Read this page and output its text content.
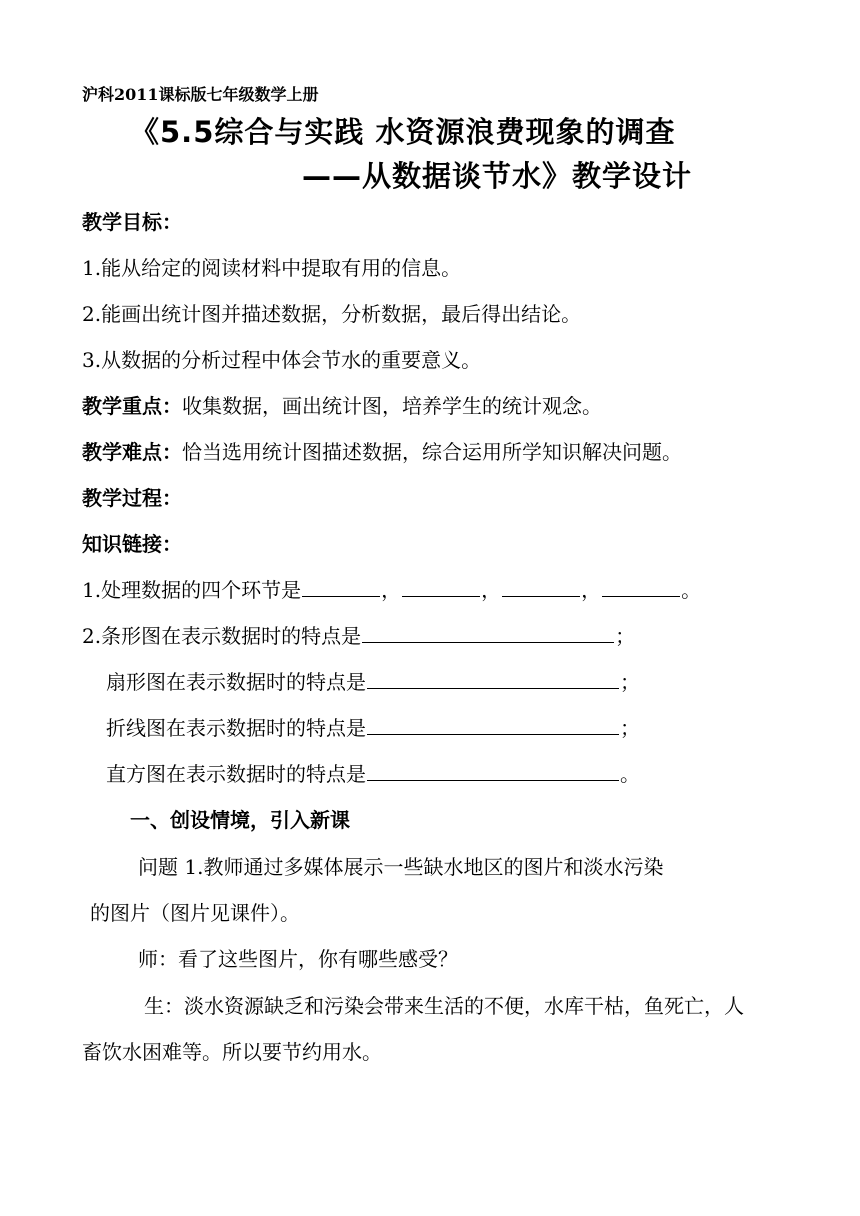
沪科2011课标版七年级数学上册
《5.5综合与实践 水资源浪费现象的调查
——从数据谈节水》教学设计
教学目标：
1.能从给定的阅读材料中提取有用的信息。
2.能画出统计图并描述数据，分析数据，最后得出结论。
3.从数据的分析过程中体会节水的重要意义。
教学重点：收集数据，画出统计图，培养学生的统计观念。
教学难点：恰当选用统计图描述数据，综合运用所学知识解决问题。
教学过程：
知识链接：
1.处理数据的四个环节是	，	，	，	。
2.条形图在表示数据时的特点是	；
扇形图在表示数据时的特点是	；
折线图在表示数据时的特点是	；
直方图在表示数据时的特点是	。
一、创设情境，引入新课
问题 1.教师通过多媒体展示一些缺水地区的图片和淡水污染
的图片（图片见课件）。
师：看了这些图片，你有哪些感受？
生：淡水资源缺乏和污染会带来生活的不便，水库干枯，鱼死亡，人
畜饮水困难等。所以要节约用水。
